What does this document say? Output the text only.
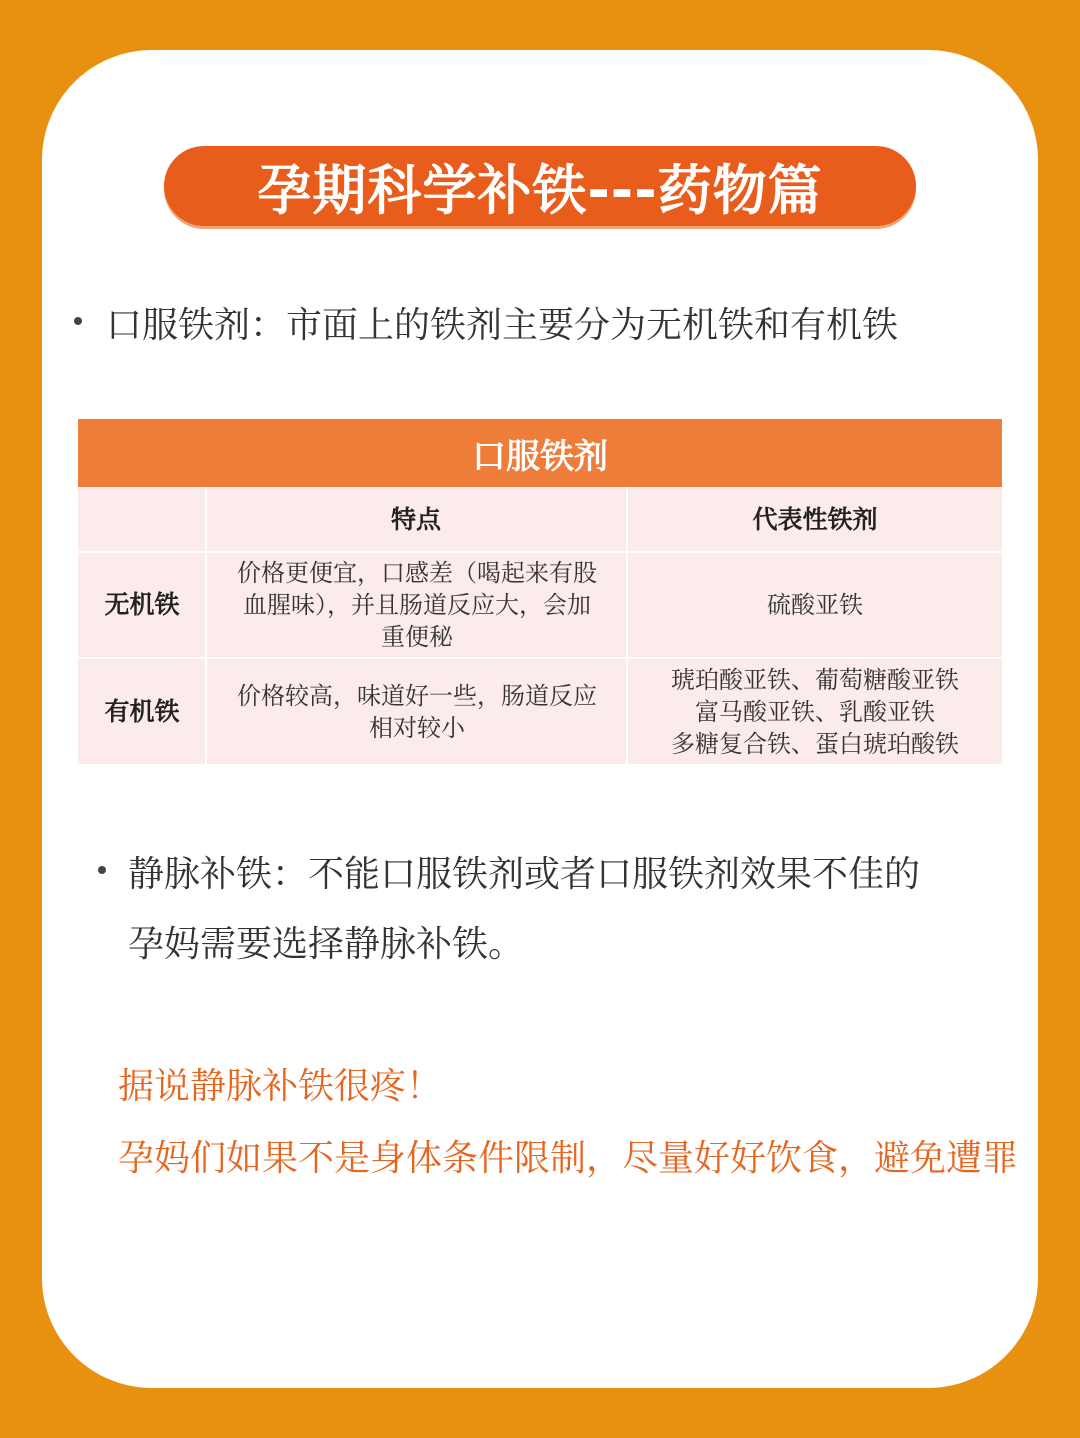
孕期科学补铁---药物篇
口服铁剂：市面上的铁剂主要分为无机铁和有机铁
口服铁剂
特点	代表性铁剂
无机铁
价格更便宜，口感差（喝起来有股
血腥味），并且肠道反应大，会加
重便秘
硫酸亚铁
有机铁
价格较高，味道好一些，肠道反应
相对较小
琥珀酸亚铁、葡萄糖酸亚铁
富马酸亚铁、乳酸亚铁
多糖复合铁、蛋白琥珀酸铁
静脉补铁：不能口服铁剂或者口服铁剂效果不佳的
孕妈需要选择静脉补铁。
据说静脉补铁很疼！
孕妈们如果不是身体条件限制，尽量好好饮食，避免遭罪
